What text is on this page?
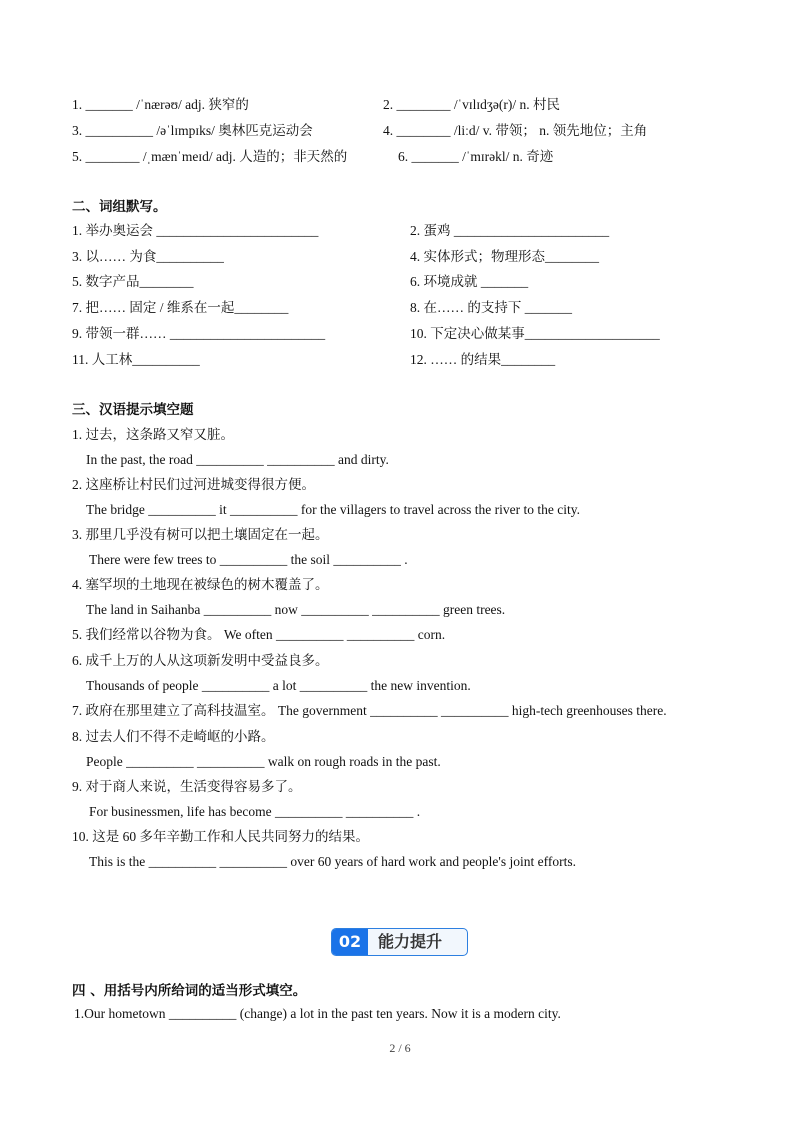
1. _______ /ˈnærəʊ/ adj. 狭窄的	2. ________ /ˈvɪlɪdʒə(r)/ n. 村民
3. __________ /əˈlɪmpɪks/ 奥林匹克运动会	4. ________ /liːd/ v. 带领； n. 领先地位；主角
5. ________ /ˌmænˈmeɪd/ adj. 人造的；非天然的	6. _______ /ˈmɪrəkl/ n. 奇迹
二、词组默写。
1. 举办奥运会 ________________________	2. 蛋鸡 _______________________
3. 以…… 为食__________	4. 实体形式；物理形态________
5. 数字产品________	6. 环境成就 _______
7. 把…… 固定 / 维系在一起________	8. 在…… 的支持下 _______
9. 带领一群…… _______________________	10. 下定决心做某事____________________
11. 人工林__________	12. …… 的结果________
三、汉语提示填空题
1. 过去，这条路又窄又脏。
In the past, the road __________ __________ and dirty.
2. 这座桥让村民们过河进城变得很方便。
The bridge __________ it __________ for the villagers to travel across the river to the city.
3. 那里几乎没有树可以把土壤固定在一起。
There were few trees to __________ the soil __________ .
4. 塞罕坝的土地现在被绿色的树木覆盖了。
The land in Saihanba __________ now __________ __________ green trees.
5. 我们经常以谷物为食。 We often __________ __________ corn.
6. 成千上万的人从这项新发明中受益良多。
Thousands of people __________ a lot __________ the new invention.
7. 政府在那里建立了高科技温室。 The government __________ __________ high-tech greenhouses there.
8. 过去人们不得不走崎岖的小路。
People __________ __________ walk on rough roads in the past.
9. 对于商人来说，生活变得容易多了。
For businessmen, life has become __________ __________ .
10. 这是 60 多年辛勤工作和人民共同努力的结果。
This is the __________ __________ over 60 years of hard work and people's joint efforts.
02	能力提升
四 、用括号内所给词的适当形式填空。
1.Our hometown __________ (change) a lot in the past ten years. Now it is a modern city.
2 / 6
